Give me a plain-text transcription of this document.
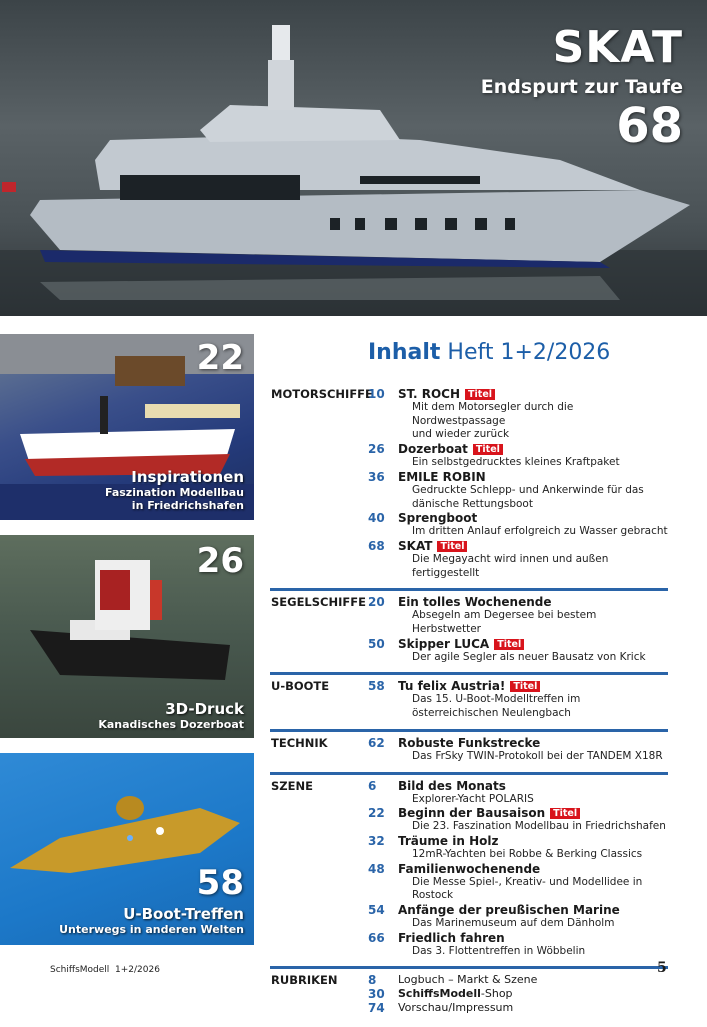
SKAT
Endspurt zur Taufe
68
22
Inspirationen
Faszination Modellbau
in Friedrichshafen
26
3D-Druck
Kanadisches Dozerboat
58
U-Boot-Treffen
Unterwegs in anderen Welten
Inhalt Heft 1+2/2026
MOTORSCHIFFE
10 ST. ROCH Titel
Mit dem Motorsegler durch die Nordwestpassage
und wieder zurück
26 Dozerboat Titel
Ein selbstgedrucktes kleines Kraftpaket
36 EMILE ROBIN
Gedruckte Schlepp- und Ankerwinde für das
dänische Rettungsboot
40 Sprengboot
Im dritten Anlauf erfolgreich zu Wasser gebracht
68 SKAT Titel
Die Megayacht wird innen und außen fertiggestellt
SEGELSCHIFFE 20 Ein tolles Wochenende
Absegeln am Degersee bei bestem Herbstwetter
50 Skipper LUCA Titel
Der agile Segler als neuer Bausatz von Krick
U-BOOTE	58 Tu felix Austria! Titel
Das 15. U-Boot-Modelltreffen im
österreichischen Neulengbach
TECHNIK	62 Robuste Funkstrecke
Das FrSky TWIN-Protokoll bei der TANDEM X18R
SZENE	6 Bild des Monats
Explorer-Yacht POLARIS
22 Beginn der Bausaison Titel
Die 23. Faszination Modellbau in Friedrichshafen
32 Träume in Holz
12mR-Yachten bei Robbe & Berking Classics
48 Familienwochenende
Die Messe Spiel-, Kreativ- und Modellidee in Rostock
54 Anfänge der preußischen Marine
Das Marinemuseum auf dem Dänholm
66 Friedlich fahren
Das 3. Flottentreffen in Wöbbelin
RUBRIKEN	8 Logbuch – Markt & Szene
30 SchiffsModell-Shop
74 Vorschau/Impressum
SchiffsModell 1+2/2026	5
